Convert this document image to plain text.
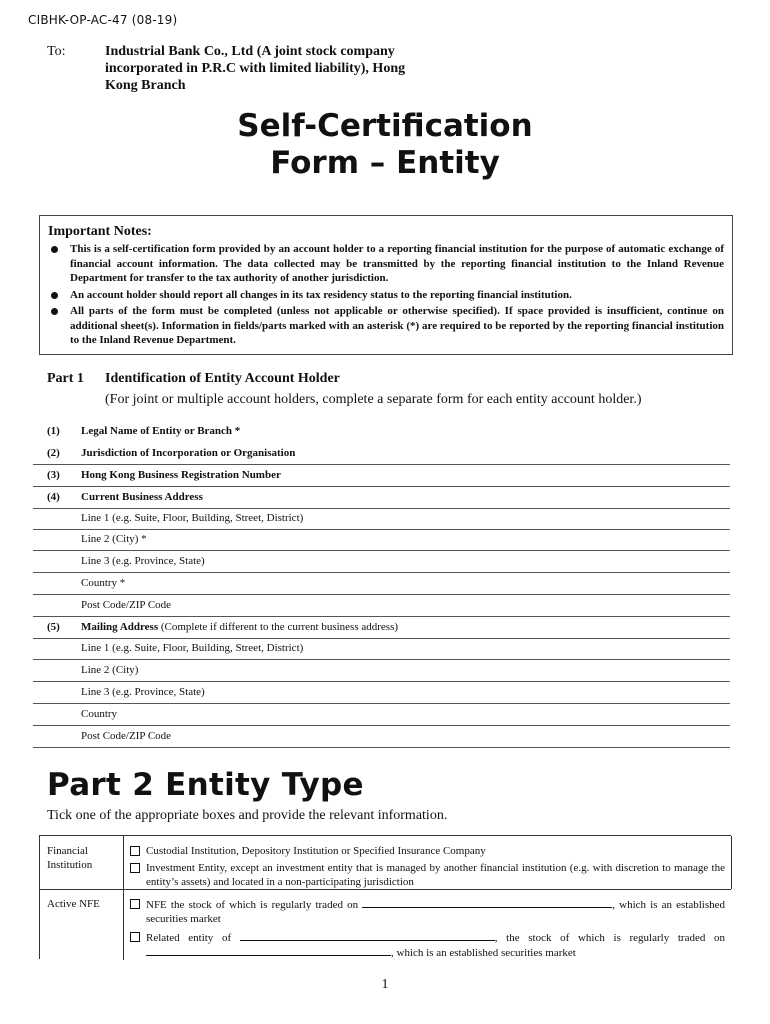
CIBHK-OP-AC-47 (08-19)
To:	Industrial Bank Co., Ltd (A joint stock company
incorporated in P.R.C with limited liability), Hong
Kong Branch
Self-Certification
Form – Entity
Important Notes:
This is a self-certification form provided by an account holder to a reporting financial institution for the purpose of automatic exchange of financial account information. The data collected may be transmitted by the reporting financial institution to the Inland Revenue Department for transfer to the tax authority of another jurisdiction.
An account holder should report all changes in its tax residency status to the reporting financial institution.
All parts of the form must be completed (unless not applicable or otherwise specified). If space provided is insufficient, continue on additional sheet(s). Information in fields/parts marked with an asterisk (*) are required to be reported by the reporting financial institution to the Inland Revenue Department.
Part 1 Identification of Entity Account Holder
(For joint or multiple account holders, complete a separate form for each entity account holder.)
(1) Legal Name of Entity or Branch *
(2) Jurisdiction of Incorporation or Organisation
(3) Hong Kong Business Registration Number
(4) Current Business Address
Line 1 (e.g. Suite, Floor, Building, Street, District)
Line 2 (City) *
Line 3 (e.g. Province, State)
Country *
Post Code/ZIP Code
(5) Mailing Address (Complete if different to the current business address)
Line 1 (e.g. Suite, Floor, Building, Street, District)
Line 2 (City)
Line 3 (e.g. Province, State)
Country
Post Code/ZIP Code
Part 2 Entity Type
Tick one of the appropriate boxes and provide the relevant information.
Financial
Institution
Custodial Institution, Depository Institution or Specified Insurance Company
Investment Entity, except an investment entity that is managed by another financial institution (e.g. with discretion to manage the entity’s assets) and located in a non-participating jurisdiction
Active NFE	NFE the stock of which is regularly traded on	, which is an established securities market
Related entity of	, the stock of which is regularly traded on , which is an established securities market
1
